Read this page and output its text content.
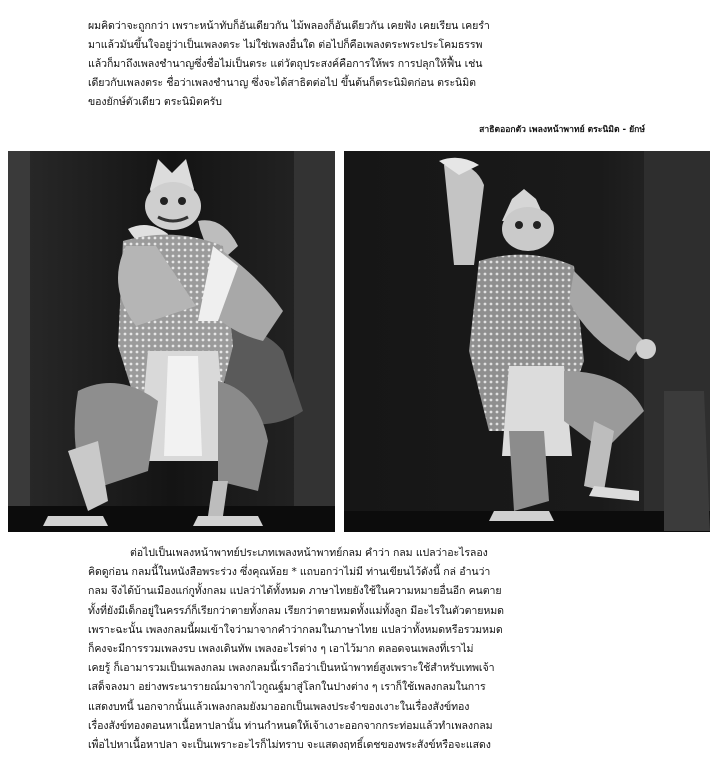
ผมคิดว่าจะถูกกว่า เพราะหน้าทับก็อันเดียวกัน ไม้พลองก็อันเดียวกัน เคยฟัง เคยเรียน เคยรำ
มาแล้วมันขึ้นใจอยู่ว่าเป็นเพลงตระ ไม่ใช่เพลงอื่นใด ต่อไปก็คือเพลงตระพระประโคมธรรพ
แล้วก็มาถึงเพลงชำนาญซึ่งชื่อไม่เป็นตระ แต่วัตถุประสงค์คือการให้พร การปลุกให้ฟื้น เช่น
เดียวกับเพลงตระ ชื่อว่าเพลงชำนาญ ซึ่งจะได้สาธิตต่อไป ขึ้นต้นก็ตระนิมิตก่อน ตระนิมิต
ของยักษ์ตัวเดียว ตระนิมิตครับ
สาธิตออกตัว เพลงหน้าพาทย์ ตระนิมิต - ยักษ์
ต่อไปเป็นเพลงหน้าพาทย์ประเภทเพลงหน้าพาทย์กลม คำว่า กลม แปลว่าอะไรลอง
คิดดูก่อน กลมนี้ในหนังสือพระร่วง ซึ่งคุณห้อย * แถบอกว่าไม่มี ท่านเขียนไว้ดังนี้ กล่ อำนว่า
กลม จึงได้บ้านเมืองแก่กูทั้งกลม แปลว่าได้ทั้งหมด ภาษาไทยยังใช้ในความหมายอื่นอีก คนตาย
ทั้งที่ยังมีเด็กอยู่ในครรภ์ก็เรียกว่าตายทั้งกลม เรียกว่าตายหมดทั้งแม่ทั้งลูก มีอะไรในตัวตายหมด
เพราะฉะนั้น เพลงกลมนี้ผมเข้าใจว่ามาจากคำว่ากลมในภาษาไทย แปลว่าทั้งหมดหรือรวมหมด
ก็คงจะมีการรวมเพลงรบ เพลงเดินทัพ เพลงอะไรต่าง ๆ เอาไว้มาก ตลอดจนเพลงที่เราไม่
เคยรู้ ก็เอามารวมเป็นเพลงกลม เพลงกลมนี้เราถือว่าเป็นหน้าพาทย์สูงเพราะใช้สำหรับเทพเจ้า
เสด็จลงมา อย่างพระนารายณ์มาจากไวกูณฐ์มาสู่โลกในปางต่าง ๆ เราก็ใช้เพลงกลมในการ
แสดงบทนี้ นอกจากนั้นแล้วเพลงกลมยังมาออกเป็นเพลงประจำของเงาะในเรื่องสังข์ทอง
เรื่องสังข์ทองตอนหาเนื้อหาปลานั้น ท่านกำหนดให้เจ้าเงาะออกจากกระท่อมแล้วทำเพลงกลม
เพื่อไปหาเนื้อหาปลา จะเป็นเพราะอะไรก็ไม่ทราบ จะแสดงฤทธิ์เดชของพระสังข์หรือจะแสดง
